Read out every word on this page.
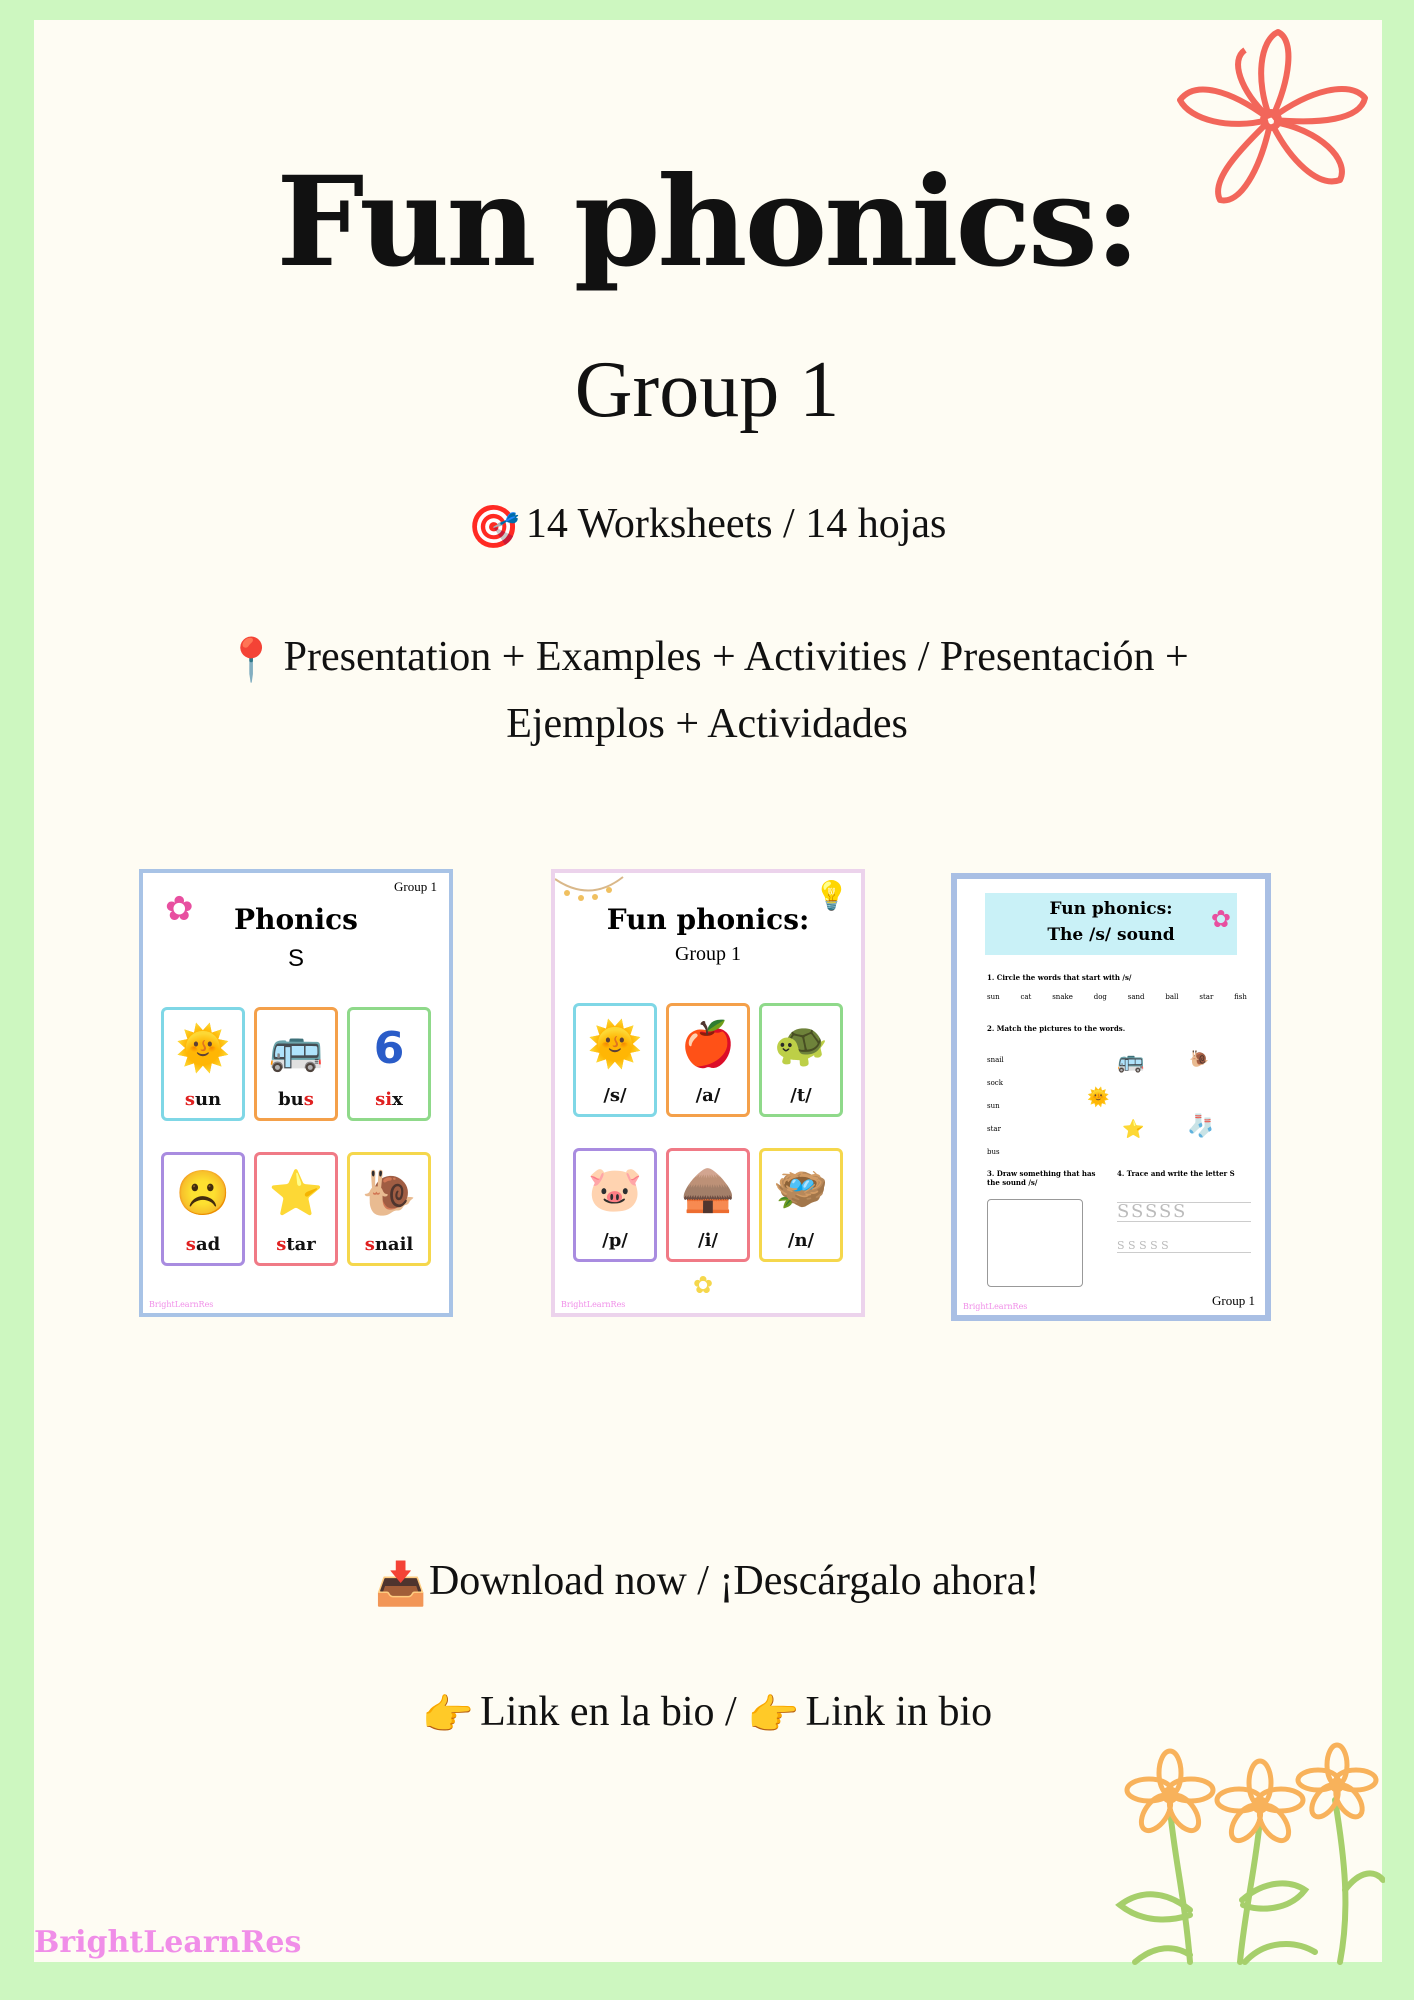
Fun phonics:
Group 1
🎯 14 Worksheets / 14 hojas
📍 Presentation + Examples + Activities / Presentación +
Ejemplos + Actividades
Group 1
✿	Phonics
S
🌞
sun
🚌
bus
6
six
☹️
sad
⭐
star
🐌
snail
BrightLearnRes
💡
Fun phonics:
Group 1
🌞
/s/
🍎
/a/
🐢
/t/
🐷
/p/
🛖
/i/
🪺
/n/
✿
BrightLearnRes
Fun phonics:
The /s/ sound
✿
1. Circle the words that start with /s/
sun	cat	snake	dog	sand	ball	star	fish
2. Match the pictures to the words.
snail
sock
sun
star
bus
🚌	🐌
🌞
⭐ 🧦
3. Draw something that has the sound /s/
4. Trace and write the letter S
SSSSS
S S S S S
Group 1
BrightLearnRes
📥Download now / ¡Descárgalo ahora!
👉 Link en la bio / 👉 Link in bio
BrightLearnRes
